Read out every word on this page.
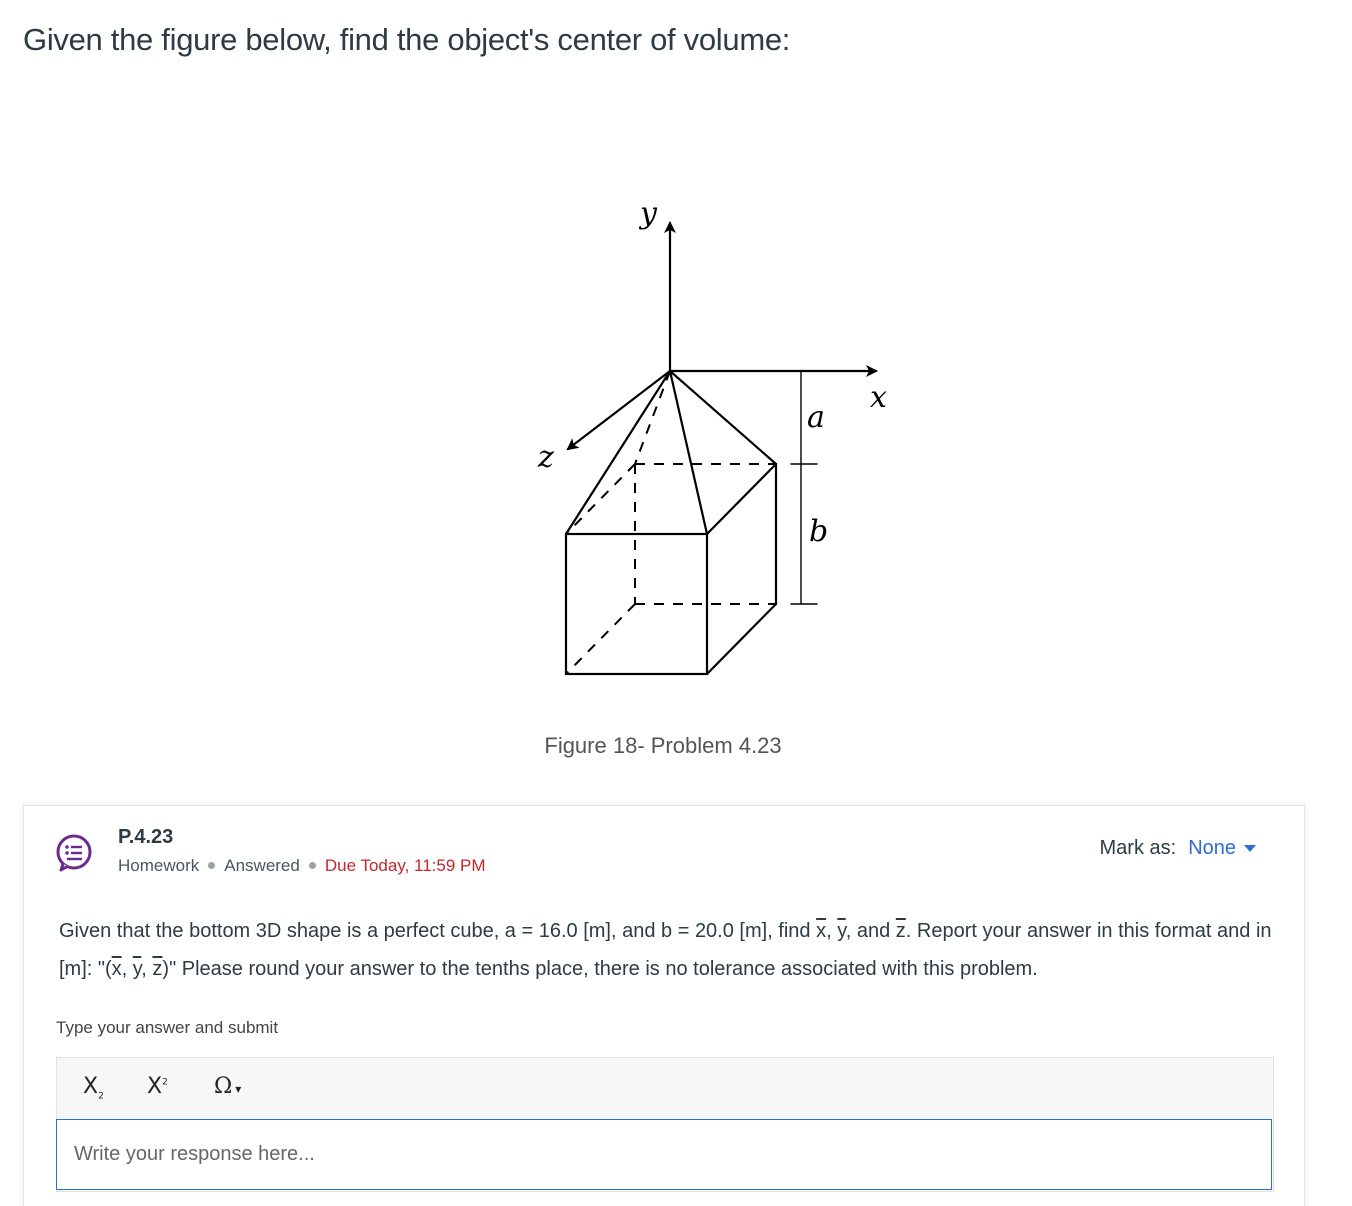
Given the figure below, find the object's center of volume:
y
x
z
a
b
Figure 18- Problem 4.23
P.4.23
Homework Answered Due Today, 11:59 PM
Mark as: None
Given that the bottom 3D shape is a perfect cube, a = 16.0 [m], and b = 20.0 [m], find $\overline{x}$, $\overline{y}$, and $\overline{z}$. Report your answer in this format and in [m]: "($\overline{x}$, $\overline{y}$, $\overline{z}$)" Please round your answer to the tenths place, there is no tolerance associated with this problem.
Type your answer and submit
$X_2$ $X^2$ Ω ▾
Write your response here...
